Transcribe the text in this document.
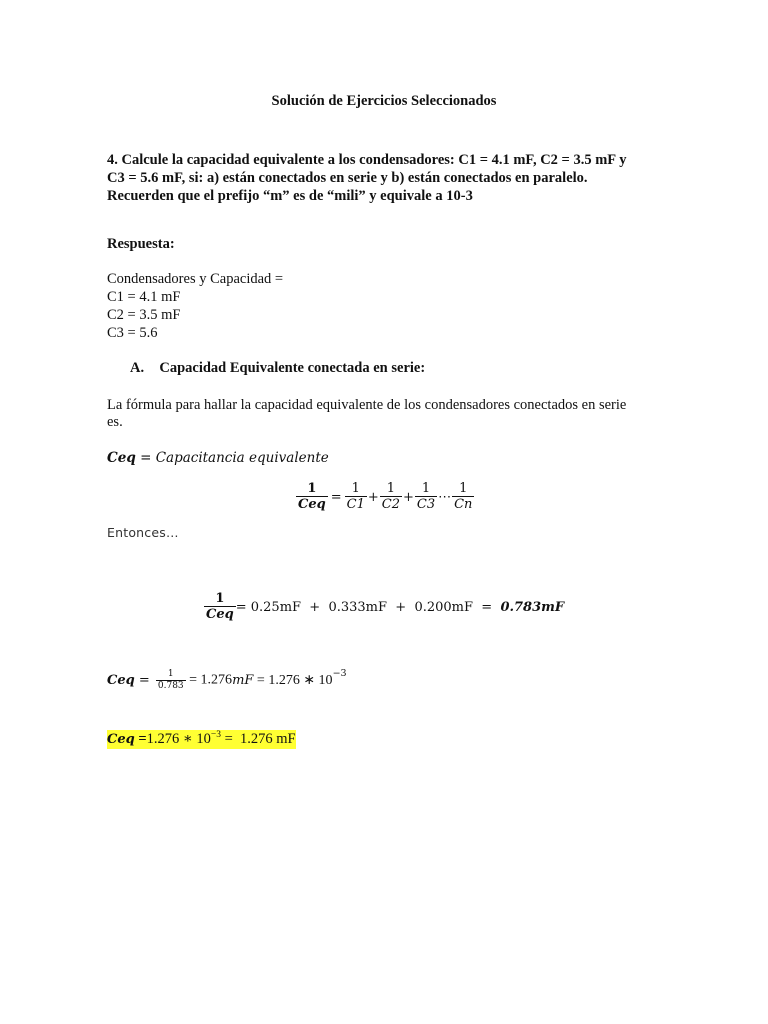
Solución de Ejercicios Seleccionados
4. Calcule la capacidad equivalente a los condensadores: C1 = 4.1 mF, C2 = 3.5 mF y
C3 = 5.6 mF, si: a) están conectados en serie y b) están conectados en paralelo.
Recuerden que el prefijo “m” es de “mili” y equivale a 10-3
Respuesta:
Condensadores y Capacidad =
C1 = 4.1 mF
C2 = 3.5 mF
C3 = 5.6
A. Capacidad Equivalente conectada en serie:
La fórmula para hallar la capacidad equivalente de los condensadores conectados en serie
es.
Ceq = Capacitancia equivalente
$\frac{1}{\text{Ceq}} = \frac{1}{C1} + \frac{1}{C2} + \frac{1}{C3}$ ⋯ $\frac{1}{Cn}$
Entonces…
$\frac{1}{\text{Ceq}} = 0.25mF + 0.333mF + 0.200mF = 0.783mF$
Ceq = $\frac{1}{0.783} = 1.276mF = 1.276$ ∗ $10^{-3}$
Ceq =1.276 ∗ $10^{-3} = 1.276$ mF
